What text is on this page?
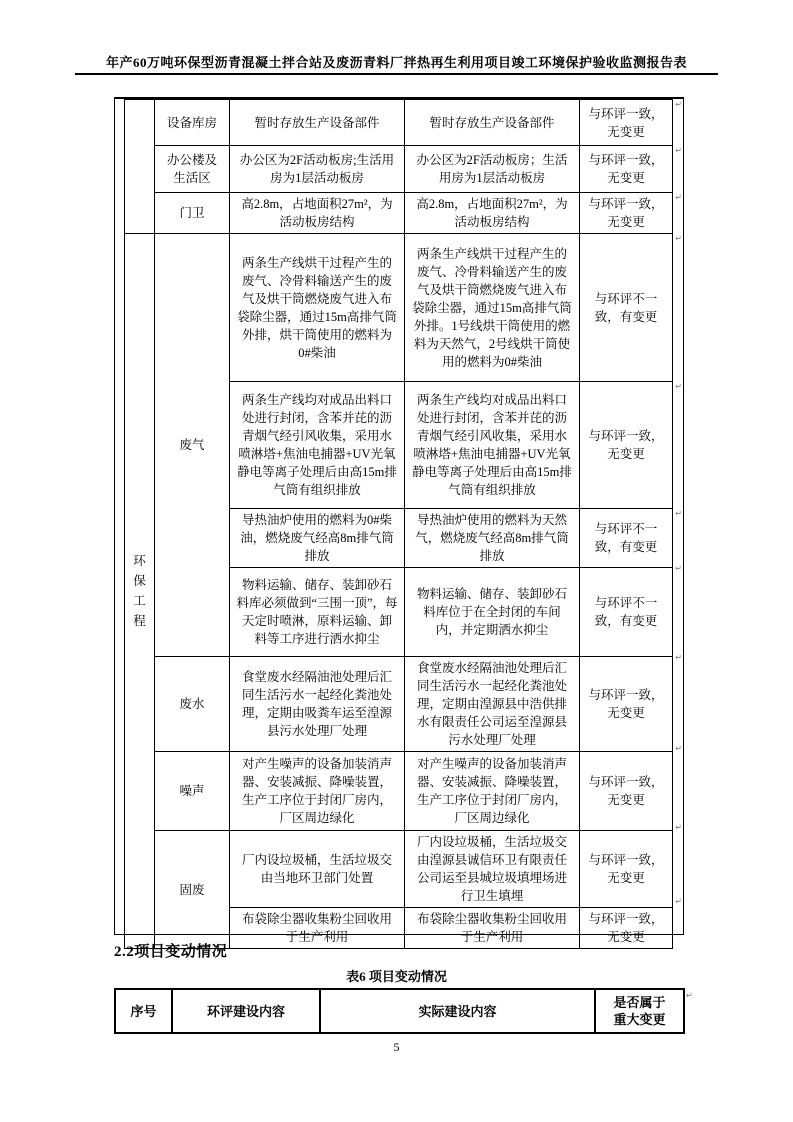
年产60万吨环保型沥青混凝土拌合站及废沥青料厂拌热再生利用项目竣工环境保护验收监测报告表
	设备库房	暂时存放生产设备部件	暂时存放生产设备部件	与环评一致，无变更
	办公楼及生活区	办公区为2F活动板房;生活用房为1层活动板房	办公区为2F活动板房；生活用房为1层活动板房	与环评一致，无变更
	门卫	高2.8m，占地面积27m²，为活动板房结构	高2.8m，占地面积27m²，为活动板房结构	与环评一致，无变更

环保工程	废气	两条生产线烘干过程产生的废气、冷骨料输送产生的废气及烘干筒燃烧废气进入布袋除尘器，通过15m高排气筒外排，烘干筒使用的燃料为0#柴油	两条生产线烘干过程产生的废气、冷骨料输送产生的废气及烘干筒燃烧废气进入布袋除尘器，通过15m高排气筒外排。1号线烘干筒使用的燃料为天然气，2号线烘干筒使用的燃料为0#柴油	与环评不一致，有变更
		两条生产线均对成品出料口处进行封闭，含苯并芘的沥青烟气经引风收集，采用水喷淋塔+焦油电捕器+UV光氧静电等离子处理后由高15m排气筒有组织排放	两条生产线均对成品出料口处进行封闭，含苯并芘的沥青烟气经引风收集，采用水喷淋塔+焦油电捕器+UV光氧静电等离子处理后由高15m排气筒有组织排放	与环评一致，无变更
		导热油炉使用的燃料为0#柴油，燃烧废气经高8m排气筒排放	导热油炉使用的燃料为天然气，燃烧废气经高8m排气筒排放	与环评不一致，有变更
		物料运输、储存、装卸砂石料库必须做到“三围一顶”，每天定时喷淋，原料运输、卸料等工序进行洒水抑尘	物料运输、储存、装卸砂石料库位于在全封闭的车间内，并定期洒水抑尘	与环评不一致，有变更
	废水	食堂废水经隔油池处理后汇同生活污水一起经化粪池处理，定期由吸粪车运至湟源县污水处理厂处理	食堂废水经隔油池处理后汇同生活污水一起经化粪池处理，定期由湟源县中浩供排水有限责任公司运至湟源县污水处理厂处理	与环评一致，无变更
	噪声	对产生噪声的设备加装消声器、安装减振、降噪装置，生产工序位于封闭厂房内，厂区周边绿化	对产生噪声的设备加装消声器、安装减振、降噪装置，生产工序位于封闭厂房内，厂区周边绿化	与环评一致，无变更
	固废	厂内设垃圾桶，生活垃圾交由当地环卫部门处置	厂内设垃圾桶，生活垃圾交由湟源县诚信环卫有限责任公司运至县城垃圾填埋场进行卫生填埋	与环评一致，无变更
		布袋除尘器收集粉尘回收用于生产利用	布袋除尘器收集粉尘回收用于生产利用	与环评一致，无变更
↵
↵
↵
↵
↵
↵
↵
↵
↵
↵
↵
2.2项目变动情况
表6 项目变动情况
序号	环评建设内容	实际建设内容	是否属于重大变更
↵
5
